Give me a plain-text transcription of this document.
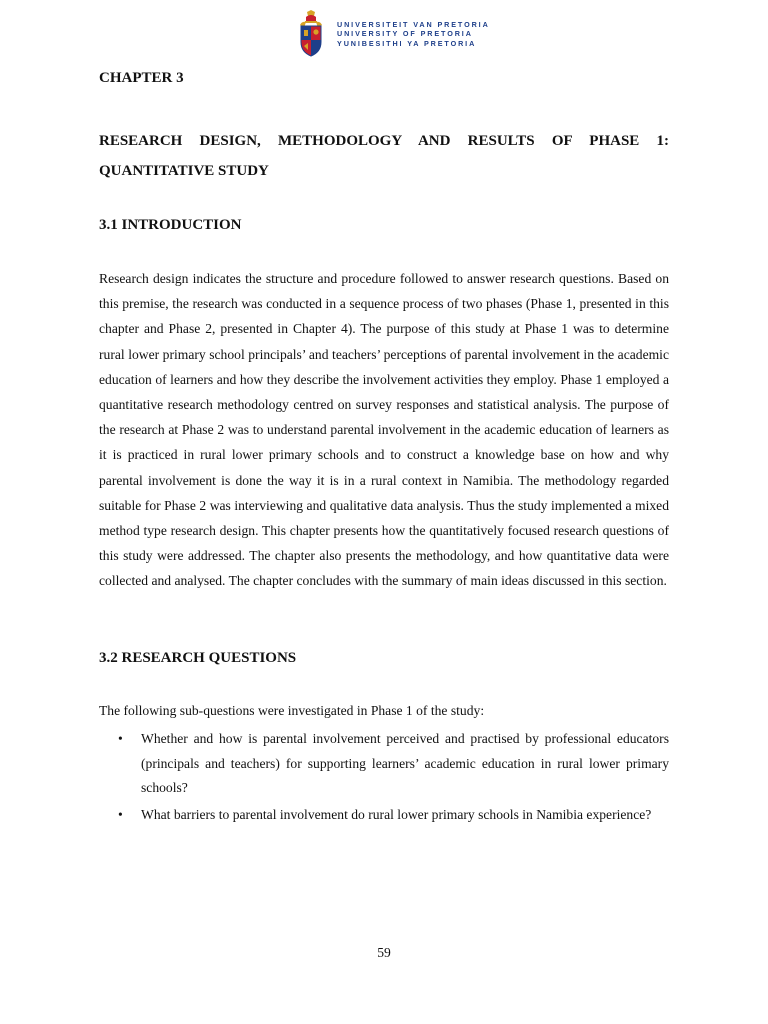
UNIVERSITEIT VAN PRETORIA
UNIVERSITY OF PRETORIA
YUNIBESITHI YA PRETORIA
CHAPTER 3
RESEARCH DESIGN, METHODOLOGY AND RESULTS OF PHASE 1: QUANTITATIVE STUDY
3.1 INTRODUCTION

Research design indicates the structure and procedure followed to answer research questions. Based on this premise, the research was conducted in a sequence process of two phases (Phase 1, presented in this chapter and Phase 2, presented in Chapter 4). The purpose of this study at Phase 1 was to determine rural lower primary school principals’ and teachers’ perceptions of parental involvement in the academic education of learners and how they describe the involvement activities they employ. Phase 1 employed a quantitative research methodology centred on survey responses and statistical analysis. The purpose of the research at Phase 2 was to understand parental involvement in the academic education of learners as it is practiced in rural lower primary schools and to construct a knowledge base on how and why parental involvement is done the way it is in a rural context in Namibia. The methodology regarded suitable for Phase 2 was interviewing and qualitative data analysis. Thus the study implemented a mixed method type research design. This chapter presents how the quantitatively focused research questions of this study were addressed. The chapter also presents the methodology, and how quantitative data were collected and analysed. The chapter concludes with the summary of main ideas discussed in this section.

3.2 RESEARCH QUESTIONS

The following sub-questions were investigated in Phase 1 of the study:

• Whether and how is parental involvement perceived and practised by professional educators (principals and teachers) for supporting learners’ academic education in rural lower primary schools?
• What barriers to parental involvement do rural lower primary schools in Namibia experience?
59
